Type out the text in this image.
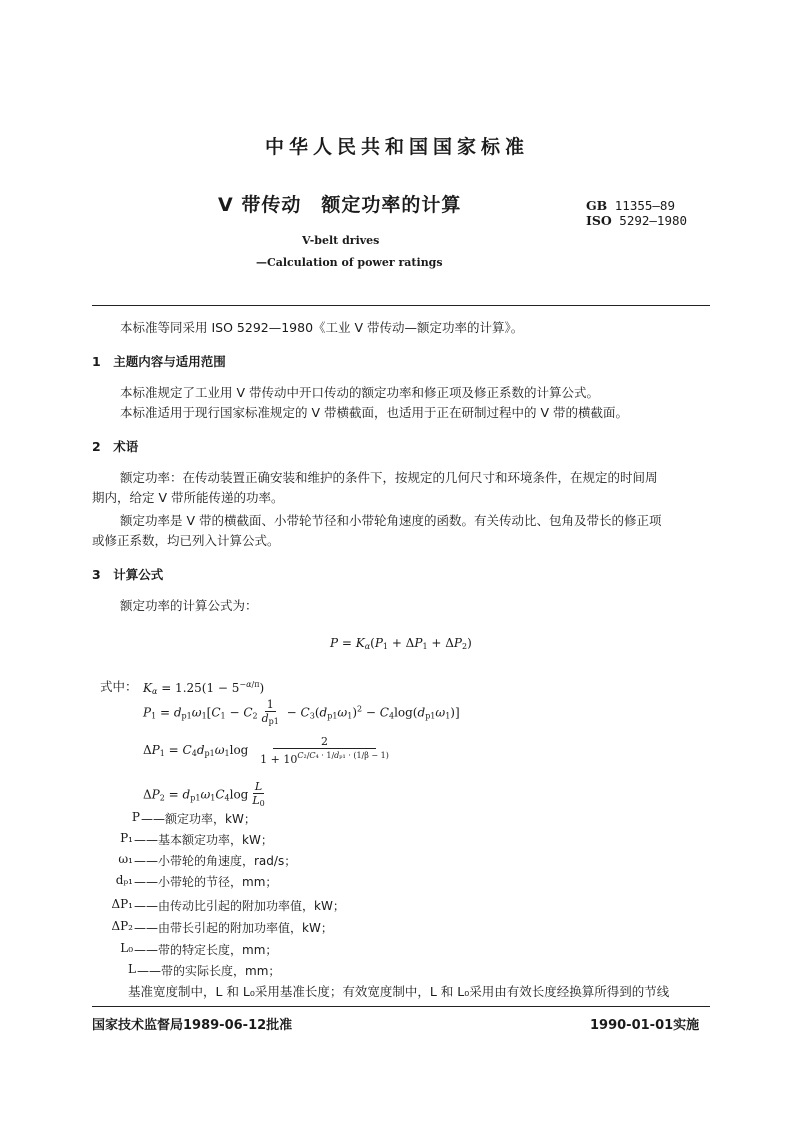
中华人民共和国国家标准
V 带传动　额定功率的计算	GB 11355—89
ISO 5292—1980
V-belt drives
—Calculation of power ratings
本标准等同采用 ISO 5292—1980《工业 V 带传动—额定功率的计算》。
1　主题内容与适用范围
本标准规定了工业用 V 带传动中开口传动的额定功率和修正项及修正系数的计算公式。
本标准适用于现行国家标准规定的 V 带横截面，也适用于正在研制过程中的 V 带的横截面。
2　术语
额定功率：在传动装置正确安装和维护的条件下，按规定的几何尺寸和环境条件，在规定的时间周
期内，给定 V 带所能传递的功率。
额定功率是 V 带的横截面、小带轮节径和小带轮角速度的函数。有关传动比、包角及带长的修正项
或修正系数，均已列入计算公式。
3　计算公式
额定功率的计算公式为：
$P = K_\alpha(P_1 + \Delta P_1 + \Delta P_2)$
式中： $K_\alpha = 1.25(1 - 5^{-\alpha/\pi})$
$P_1 = d_{p1}\omega_1[C_1 - C_2 \frac{1}{d_{p1}} - C_3(d_{p1}\omega_1)^2 - C_4\log(d_{p1}\omega_1)]$
$\Delta P_1 = C_4d_{p1}\omega_1\log \frac{2}{1 + 10^{C_2/C_4 \cdot 1/d_{p1} \cdot (1/\beta - 1)}}$
$\Delta P_2 = d_{p1}\omega_1C_4\log \frac{L}{L_0}$
P ——额定功率，kW；
P₁ ——基本额定功率，kW；
ω₁ ——小带轮的角速度，rad/s；
dₚ₁ ——小带轮的节径，mm；
ΔP₁ ——由传动比引起的附加功率值，kW；
ΔP₂ ——由带长引起的附加功率值，kW；
L₀ ——带的特定长度，mm；
L ——带的实际长度，mm；
基准宽度制中，L 和 L₀采用基准长度；有效宽度制中，L 和 L₀采用由有效长度经换算所得到的节线
国家技术监督局1989-06-12批准	1990-01-01实施
